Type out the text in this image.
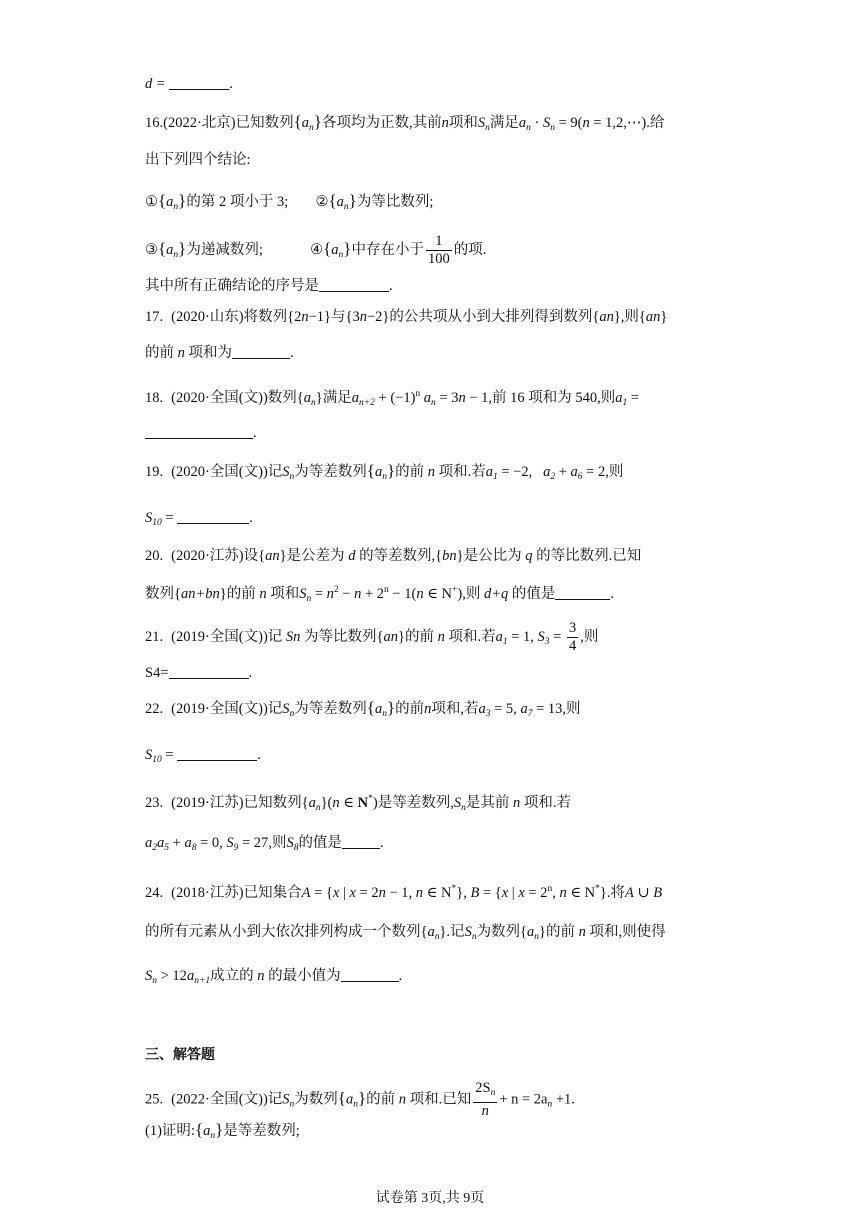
d =	.
16.(2022·北京)已知数列$\{a_n\}$各项均为正数,其前n项和$S_n$满足$a_n \cdot S_n = 9(n$ = 1,2,⋯).给
出下列四个结论:
$①\{a_n\}$的第 2 项小于 3; $②\{a_n\}$为等比数列;
$③\{a_n\}$为递减数列;	$④\{a_n\}$中存在小于 $\frac{1}{100}$ 的项.
其中所有正确结论的序号是	.
17. (2020·山东)将数列{2n−1}与{3n−2}的公共项从小到大排列得到数列{an},则{an}
的前 n 项和为	.
18. (2020·全国(文))数列$\{a_n\}$满足$a_{n+2} + (-1)^n$ $a_n = 3n - 1$,前 16 项和为 540,则$a_1$ =
.
19. (2020·全国(文))记$S_n$为等差数列$\{a_n\}$的前 n 项和.若$a_1 = -2$,   $a_2 + a_6 = 2$,则
$S_{10}$ =	.
20. (2020·江苏)设{an}是公差为 d 的等差数列,{bn}是公比为 q 的等比数列.已知
数列{an+bn}的前 n 项和$S_n = n^2 - n + 2^n - 1(n$ ∈ N+),则 d+q 的值是	.
21. (2019·全国(文))记 Sn 为等比数列{an}的前 n 项和.若$a_1 = 1$, $S_3 = \frac{3}{4}$ ,则
S4=	.
22. (2019·全国(文))记$S_n$为等差数列$\{a_n\}$的前n项和,若$a_3 = 5$, $a_7 = 13$,则
$S_{10}$ =	.
23. (2019·江苏)已知数列$\{a_n\}(n$ ∈ N*)是等差数列$,S_n$是其前 n 项和.若
$a_2a_5 + a_8 = 0$, $S_9 = 27$,则$S_8$的值是	.
24. (2018·江苏)已知集合A = {x | x = 2n − 1, n ∈ N*}, B = {x | $x = 2^n$, n ∈ N*}.将A ∪ B
的所有元素从小到大依次排列构成一个数列$\{a_n\}$.记$S_n$为数列$\{a_n\}$的前 n 项和,则使得
$S_n > 12a_{n+1}$成立的 n 的最小值为	.
三、解答题
25. (2022·全国(文))记$S_n$为数列$\{a_n\}$的前 n 项和.已知 $\frac{2S_n}{n} + n = 2a_n +1$.
(1)证明$:\{a_n\}$是等差数列;
试卷第 3页,共 9页
